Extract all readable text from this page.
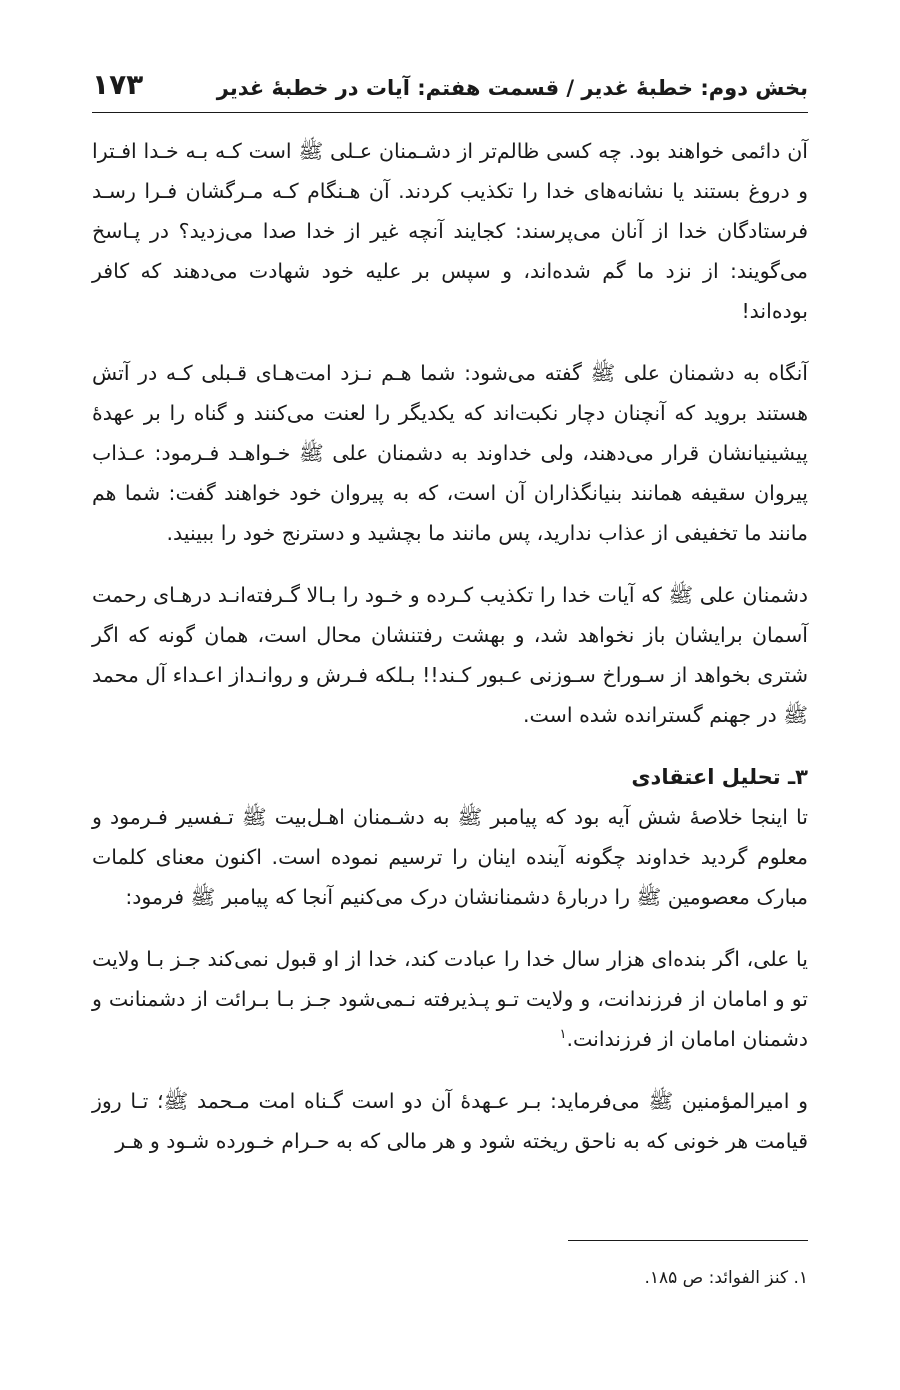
بخش دوم: خطبهٔ غدیر / قسمت هفتم: آیات در خطبهٔ غدیر
۱۷۳

آن دائمی خواهند بود. چه کسی ظالم‌تر از دشـمنان عـلی ﷺ است کـه بـه خـدا افـترا و دروغ بستند یا نشانه‌های خدا را تکذیب کردند. آن هـنگام کـه مـرگشان فـرا رسـد فرستادگان خدا از آنان می‌پرسند: کجایند آنچه غیر از خدا صدا می‌زدید؟ در پـاسخ می‌گویند: از نزد ما گم شده‌اند، و سپس بر علیه خود شهادت می‌دهند که کافر بوده‌اند!

آنگاه به دشمنان علی ﷺ گفته می‌شود: شما هـم نـزد امت‌هـای قـبلی کـه در آتش هستند بروید که آنچنان دچار نکبت‌اند که یکدیگر را لعنت می‌کنند و گناه را بر عهدهٔ پیشینیانشان قرار می‌دهند، ولی خداوند به دشمنان علی ﷺ خـواهـد فـرمود: عـذاب پیروان سقیفه همانند بنیانگذاران آن است، که به پیروان خود خواهند گفت: شما هم مانند ما تخفیفی از عذاب ندارید، پس مانند ما بچشید و دسترنج خود را ببینید.

دشمنان علی ﷺ که آیات خدا را تکذیب کـرده و خـود را بـالا گـرفته‌انـد درهـای رحمت آسمان برایشان باز نخواهد شد، و بهشت رفتنشان محال است، همان گونه که اگر شتری بخواهد از سـوراخ سـوزنی عـبور کـند!! بـلکه فـرش و روانـداز اعـداء آل محمد ﷺ در جهنم گسترانده شده است.

۳ـ تحلیل اعتقادی

تا اینجا خلاصهٔ شش آیه بود که پیامبر ﷺ به دشـمنان اهـل‌بیت ﷺ تـفسیر فـرمود و معلوم گردید خداوند چگونه آینده اینان را ترسیم نموده است. اکنون معنای کلمات مبارک معصومین ﷺ را دربارهٔ دشمنانشان درک می‌کنیم آنجا که پیامبر ﷺ فرمود:

یا علی، اگر بنده‌ای هزار سال خدا را عبادت کند، خدا از او قبول نمی‌کند جـز بـا ولایت تو و امامان از فرزندانت، و ولایت تـو پـذیرفته نـمی‌شود جـز بـا بـرائت از دشمنانت و دشمنان امامان از فرزندانت.$^۱$

و امیرالمؤمنین ﷺ می‌فرماید: بـر عـهدهٔ آن دو است گـناه امت مـحمد ﷺ؛ تـا روز قیامت هر خونی که به ناحق ریخته شود و هر مالی که به حـرام خـورده شـود و هـر

۱. کنز الفوائد: ص ۱۸۵.
